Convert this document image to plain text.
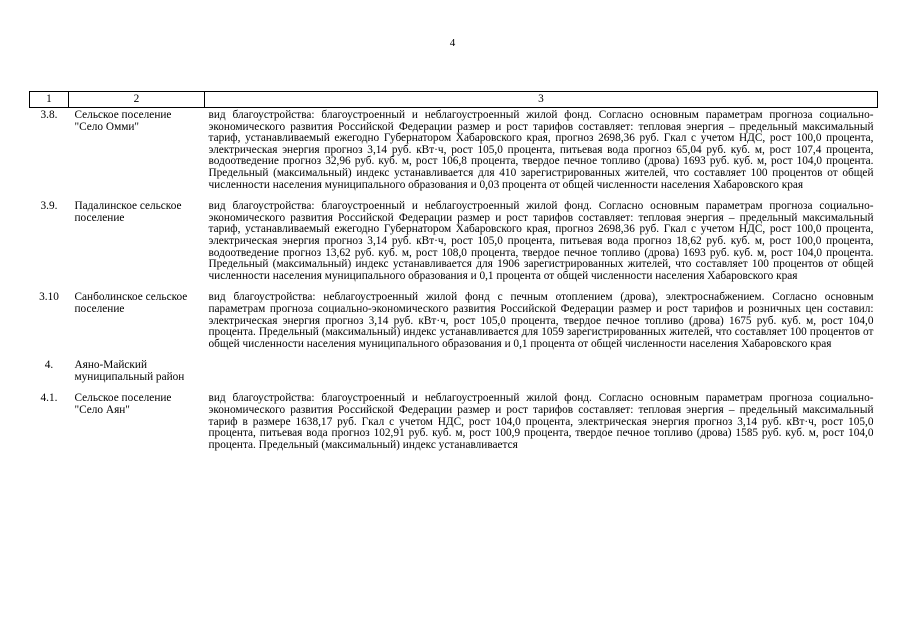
4
1	2	3
3.8.	Сельское поселение "Село Омми"	вид благоустройства: благоустроенный и неблагоустроенный жилой фонд. Согласно основным параметрам прогноза социально-экономического развития Российской Федерации размер и рост тарифов составляет: тепловая энергия – предельный максимальный тариф, устанавливаемый ежегодно Губернатором Хабаровского края, прогноз 2698,36 руб. Гкал с учетом НДС, рост 100,0 процента, электрическая энергия прогноз 3,14 руб. кВт·ч, рост 105,0 процента, питьевая вода прогноз 65,04 руб. куб. м, рост 107,4 процента, водоотведение прогноз 32,96 руб. куб. м, рост 106,8 процента, твердое печное топливо (дрова) 1693 руб. куб. м, рост 104,0 процента. Предельный (максимальный) индекс устанавливается для 410 зарегистрированных жителей, что составляет 100 процентов от общей численности населения муниципального образования и 0,03 процента от общей численности населения Хабаровского края
3.9.	Падалинское сельское поселение	вид благоустройства: благоустроенный и неблагоустроенный жилой фонд. Согласно основным параметрам прогноза социально-экономического развития Российской Федерации размер и рост тарифов составляет: тепловая энергия – предельный максимальный тариф, устанавливаемый ежегодно Губернатором Хабаровского края, прогноз 2698,36 руб. Гкал с учетом НДС, рост 100,0 процента, электрическая энергия прогноз 3,14 руб. кВт·ч, рост 105,0 процента, питьевая вода прогноз 18,62 руб. куб. м, рост 100,0 процента, водоотведение прогноз 13,62 руб. куб. м, рост 108,0 процента, твердое печное топливо (дрова) 1693 руб. куб. м, рост 104,0 процента. Предельный (максимальный) индекс устанавливается для 1906 зарегистрированных жителей, что составляет 100 процентов от общей численности населения муниципального образования и 0,1 процента от общей численности населения Хабаровского края
3.10	Санболинское сельское поселение	вид благоустройства: неблагоустроенный жилой фонд с печным отоплением (дрова), электроснабжением. Согласно основным параметрам прогноза социально-экономического развития Российской Федерации размер и рост тарифов и розничных цен составил: электрическая энергия прогноз 3,14 руб. кВт·ч, рост 105,0 процента, твердое печное топливо (дрова) 1675 руб. куб. м, рост 104,0 процента. Предельный (максимальный) индекс устанавливается для 1059 зарегистрированных жителей, что составляет 100 процентов от общей численности населения муниципального образования и 0,1 процента от общей численности населения Хабаровского края
4.	Аяно-Майский муниципальный район	
4.1.	Сельское поселение "Село Аян"	вид благоустройства: благоустроенный и неблагоустроенный жилой фонд. Согласно основным параметрам прогноза социально-экономического развития Российской Федерации размер и рост тарифов составляет: тепловая энергия – предельный максимальный тариф в размере 1638,17 руб. Гкал с учетом НДС, рост 104,0 процента, электрическая энергия прогноз 3,14 руб. кВт·ч, рост 105,0 процента, питьевая вода прогноз 102,91 руб. куб. м, рост 100,9 процента, твердое печное топливо (дрова) 1585 руб. куб. м, рост 104,0 процента. Предельный (максимальный) индекс устанавливается
